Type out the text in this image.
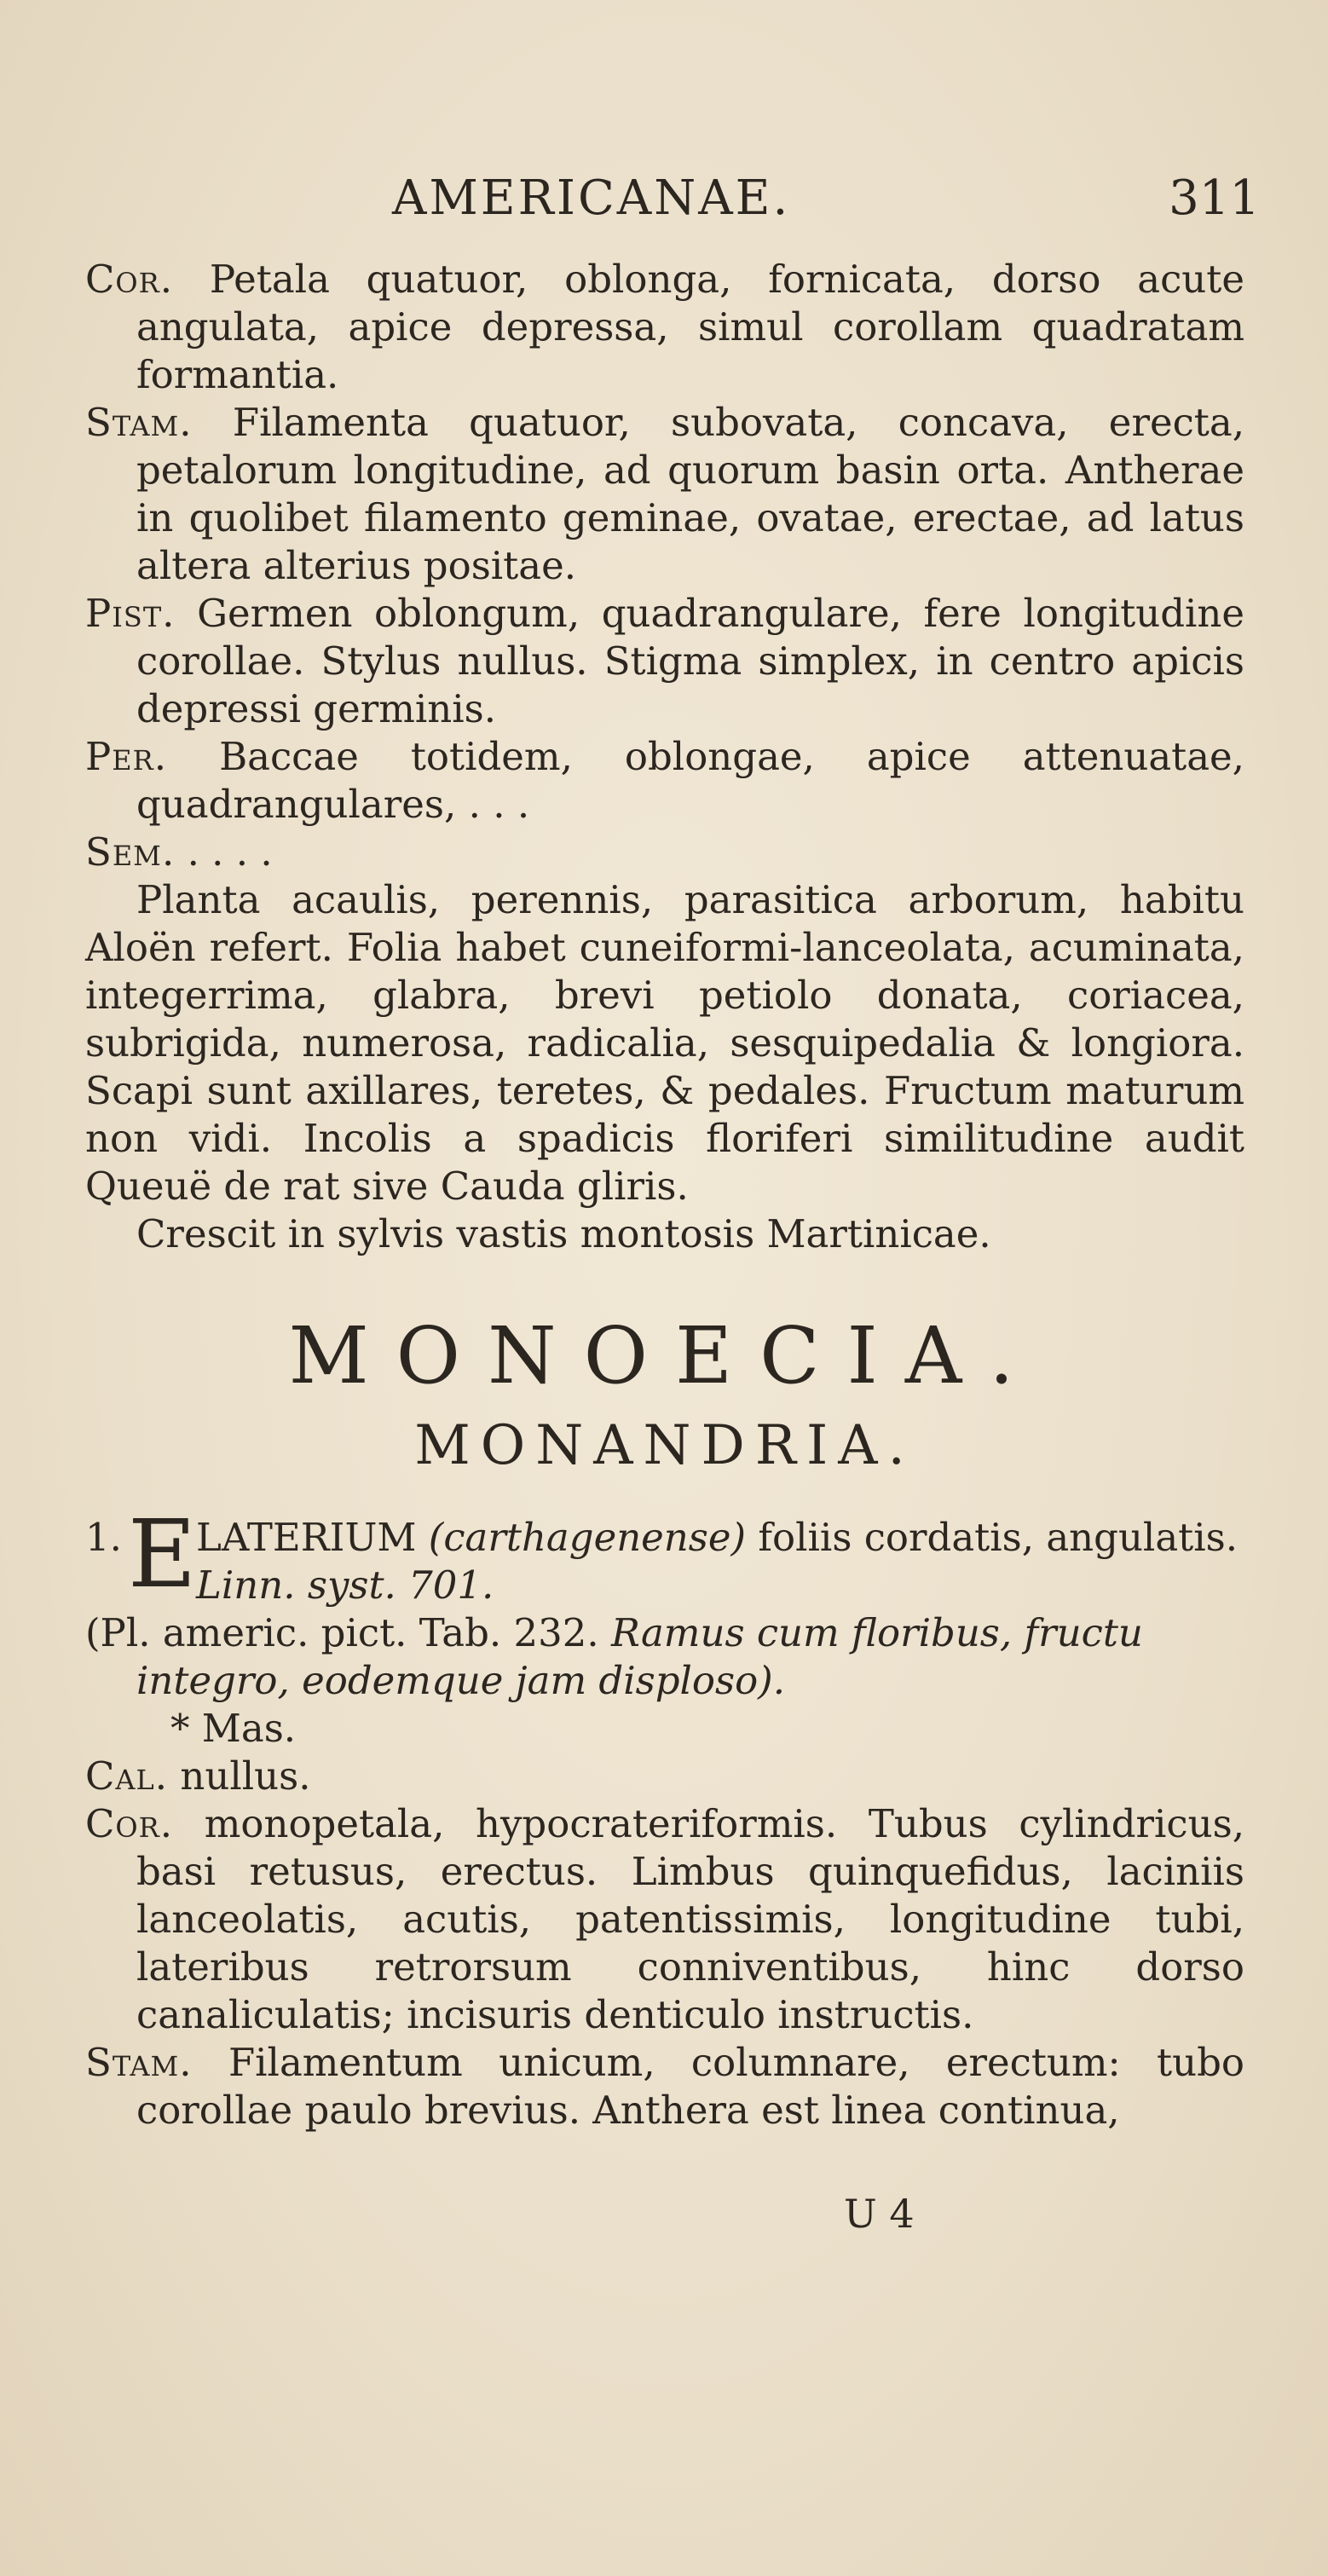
AMERICANAE.	311

Cor. Petala quatuor, oblonga, fornicata, dorso acute angulata, apice depressa, simul corollam quadratam formantia.

Stam. Filamenta quatuor, subovata, concava, erecta, petalorum longitudine, ad quorum basin orta. Antherae in quolibet filamento geminae, ovatae, erectae, ad latus altera alterius positae.

Pist. Germen oblongum, quadrangulare, fere longitudine corollae. Stylus nullus. Stigma simplex, in centro apicis depressi germinis.

Per. Baccae totidem, oblongae, apice attenuatae, quadrangulares, . . .

Sem. . . . .

Planta acaulis, perennis, parasitica arborum, habitu Aloën refert. Folia habet cuneiformi-lanceolata, acuminata, integerrima, glabra, brevi petiolo donata, coriacea, subrigida, numerosa, radicalia, sesquipedalia & longiora. Scapi sunt axillares, teretes, & pedales. Fructum maturum non vidi. Incolis a spadicis floriferi similitudine audit Queuë de rat sive Cauda gliris.

Crescit in sylvis vastis montosis Martinicae.

MONOECIA.

MONANDRIA.

1. E LATERIUM (carthagenense) foliis cordatis, angulatis. Linn. syst. 701.

(Pl. americ. pict. Tab. 232. Ramus cum floribus, fructu integro, eodemque jam disploso).

* Mas.

Cal. nullus.

Cor. monopetala, hypocrateriformis. Tubus cylindricus, basi retusus, erectus. Limbus quinquefidus, laciniis lanceolatis, acutis, patentissimis, longitudine tubi, lateribus retrorsum conniventibus, hinc dorso canaliculatis; incisuris denticulo instructis.

Stam. Filamentum unicum, columnare, erectum: tubo corollae paulo brevius. Anthera est linea continua,

U 4
